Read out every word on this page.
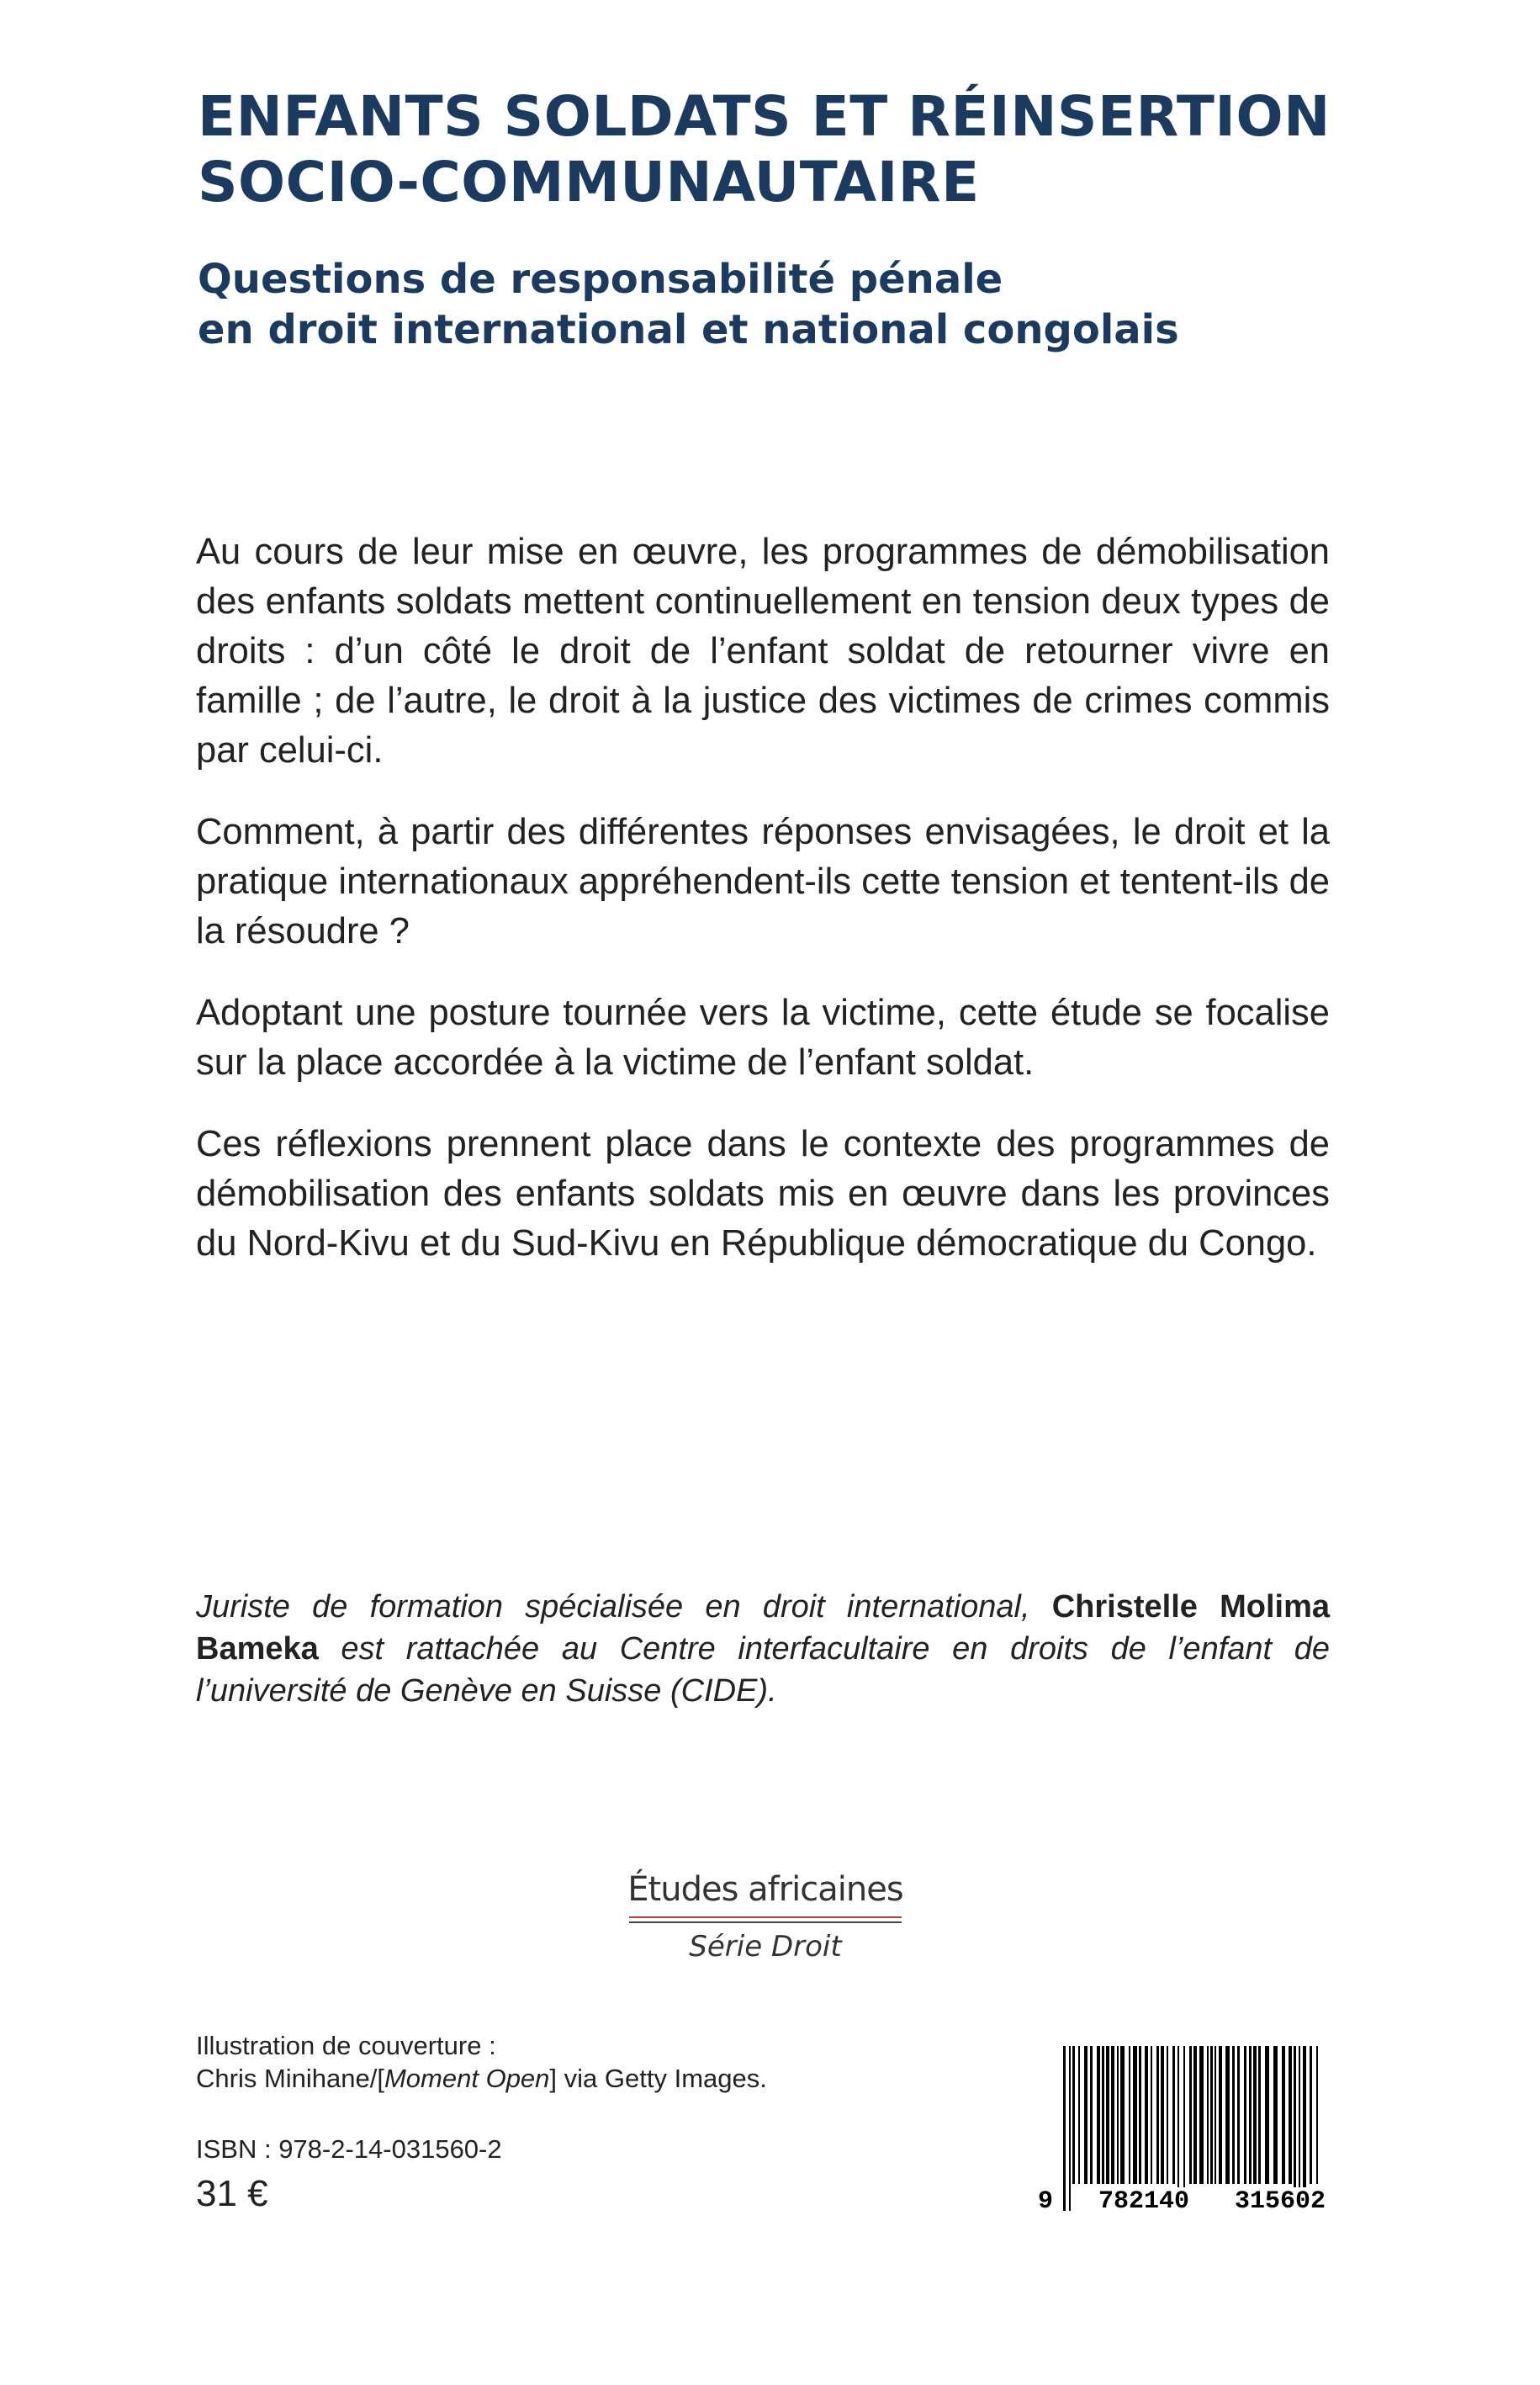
ENFANTS SOLDATS ET RÉINSERTION
SOCIO-COMMUNAUTAIRE
Questions de responsabilité pénale
en droit international et national congolais

Au cours de leur mise en œuvre, les programmes de démobilisation des enfants soldats mettent continuellement en tension deux types de droits : d’un côté le droit de l’enfant soldat de retourner vivre en famille ; de l’autre, le droit à la justice des victimes de crimes commis par celui-ci.

Comment, à partir des différentes réponses envisagées, le droit et la pratique internationaux appréhendent-ils cette tension et tentent-ils de la résoudre ?

Adoptant une posture tournée vers la victime, cette étude se focalise sur la place accordée à la victime de l’enfant soldat.

Ces réflexions prennent place dans le contexte des programmes de démobilisation des enfants soldats mis en œuvre dans les provinces du Nord-Kivu et du Sud-Kivu en République démocratique du Congo.

Juriste de formation spécialisée en droit international, Christelle Molima Bameka est rattachée au Centre interfacultaire en droits de l’enfant de l’université de Genève en Suisse (CIDE).

Études africaines
Série Droit
Illustration de couverture :
Chris Minihane/[Moment Open] via Getty Images.
ISBN : 978-2-14-031560-2
31 €	9 782140 315602
